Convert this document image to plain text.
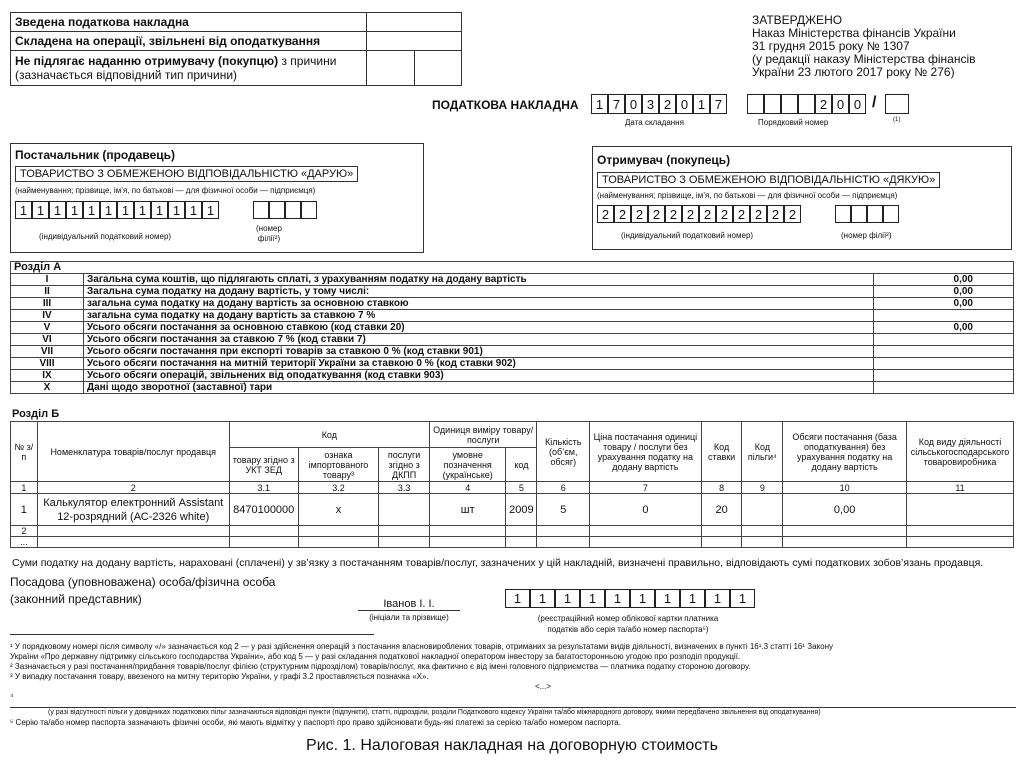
Зведена податкова накладна		
Складена на операції, звільнені від оподаткування		
Не підлягає наданню отримувачу (покупцю) з причини
(зазначається відповідний тип причини)		
ЗАТВЕРДЖЕНО
Наказ Міністерства фінансів України
31 грудня 2015 року № 1307
(у редакції наказу Міністерства фінансів
України 23 лютого 2017 року № 276)
ПОДАТКОВА НАКЛАДНА	1 7 0 3 2 0 1 7
Дата складання
2 0 0 /
Порядковий номер	(1)
Постачальник (продавець)
ТОВАРИСТВО З ОБМЕЖЕНОЮ ВІДПОВІДАЛЬНІСТЮ «ДАРУЮ»
(найменування; прізвище, ім’я, по батькові — для фізичної особи — підприємця)
1 1 1 1 1 1 1 1 1 1 1 1
(індивідуальний податковий номер)
(номер
філії²)
Отримувач (покупець)
ТОВАРИСТВО З ОБМЕЖЕНОЮ ВІДПОВІДАЛЬНІСТЮ «ДЯКУЮ»
(найменування; прізвище, ім’я, по батькові — для фізичної особи — підприємця)
2 2 2 2 2 2 2 2 2 2 2 2
(індивідуальний податковий номер)	(номер філії²)
Розділ А		
I	Загальна сума коштів, що підлягають сплаті, з урахуванням податку на додану вартість	0,00
II	Загальна сума податку на додану вартість, у тому числі:	0,00
III	загальна сума податку на додану вартість за основною ставкою	0,00
IV	загальна сума податку на додану вартість за ставкою 7 %	
V	Усього обсяги постачання за основною ставкою (код ставки 20)	0,00
VI	Усього обсяги постачання за ставкою 7 % (код ставки 7)	
VII	Усього обсяги постачання при експорті товарів за ставкою 0 % (код ставки 901)	
VIII	Усього обсяги постачання на митній території України за ставкою 0 % (код ставки 902)	
IX	Усього обсяги операцій, звільнених від оподаткування (код ставки 903)	
X	Дані щодо зворотної (заставної) тари	
Розділ Б
№ з/п	Номенклатура товарів/послуг продавця	Код			Одиниця виміру товару/послуги		Кількість (об’єм, обсяг)	Ціна постачання одиниці товару / послуги без урахування податку на додану вартість	Код ставки	Код пільги⁴	Обсяги постачання (база оподаткування) без урахування податку на додану вартість	Код виду діяльності сільськогосподарського товаровиробника
		товару згідно з УКТ ЗЕД	ознака імпортованого товару³	послуги згідно з ДКПП	умовне позначення (українське)	код						
1	2	3.1	3.2	3.3	4	5	6	7	8	9	10	11
1	Калькулятор електронний Assistant
12-розрядний (АС-2326 white)	8470100000	х		шт	2009	5	0	20		0,00	
2												
...												
Суми податку на додану вартість, нараховані (сплачені) у зв’язку з постачанням товарів/послуг, зазначених у цій накладній, визначені правильно, відповідають сумі податкових зобов’язань продавця.
Посадова (уповноважена) особа/фізична особа
(законний представник)	Іванов І. І.
(ініціали та прізвище)
1	1	1	1	1	1	1	1	1	1
(реєстраційний номер облікової картки платника
податків або серія та/або номер паспорта⁵)
¹ У порядковому номері після символу «/» зазначається код 2 — у разі здійснення операцій з постачання власновироблених товарів, отриманих за результатами видів діяльності, визначених в пункті 16¹.3 статті 16¹ Закону
України «Про державну підтримку сільського господарства України», або код 5 — у разі складання податкової накладної оператором інвестору за багатосторонньою угодою про розподіл продукції.
² Зазначається у разі постачання/придбання товарів/послуг філією (структурним підрозділом) товарів/послуг, яка фактично є від імені головного підприємства — платника податку стороною договору.
³ У випадку постачання товару, ввезеного на митну територію України, у графі 3.2 проставляється позначка «Х».
<...>
⁴
(у разі відсутності пільги у довідниках податкових пільг зазначаються відповідні пункти (підпункти), статті, підрозділи, розділи Податкового кодексу України та/або міжнародного договору, якими передбачено звільнення від оподаткування)
⁵ Серію та/або номер паспорта зазначають фізичні особи, які мають відмітку у паспорті про право здійснювати будь-які платежі за серією та/або номером паспорта.
Рис. 1. Налоговая накладная на договорную стоимость
